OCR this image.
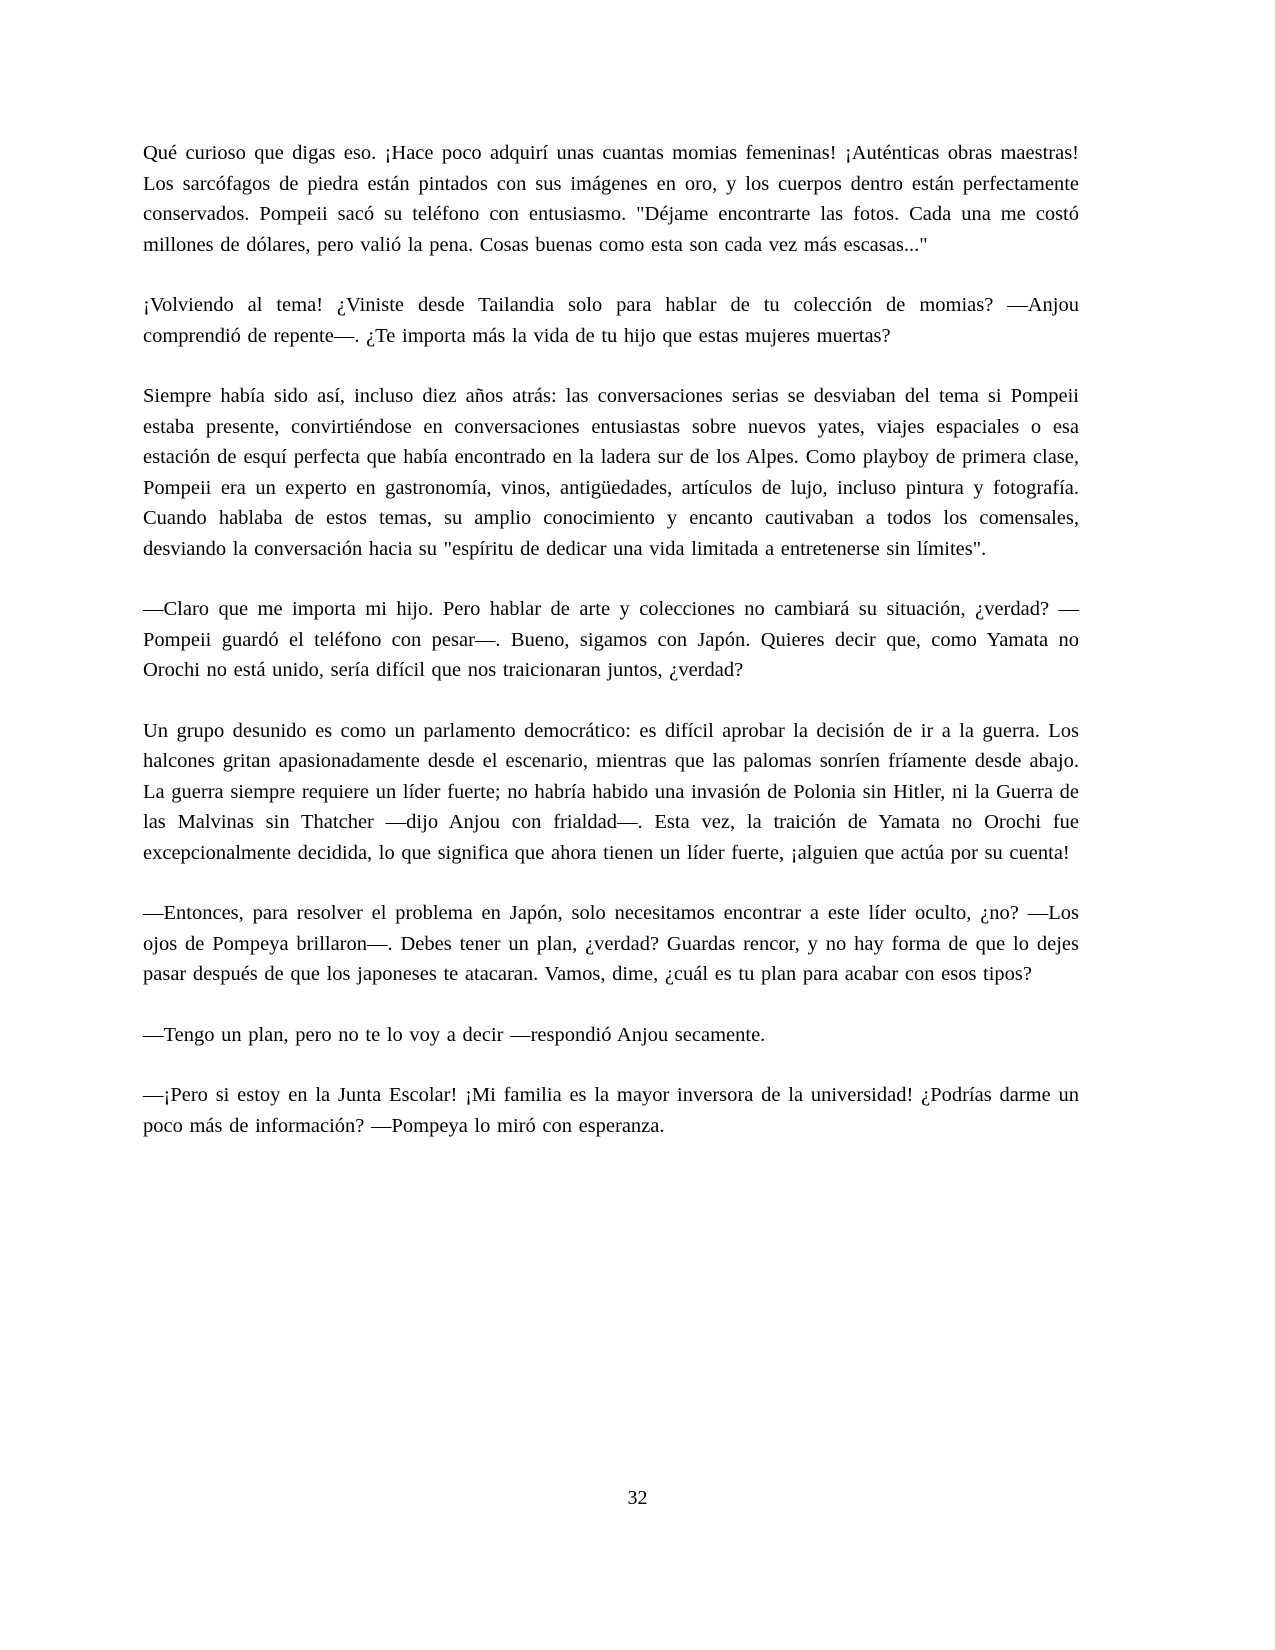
Qué curioso que digas eso. ¡Hace poco adquirí unas cuantas momias femeninas! ¡Auténticas obras maestras! Los sarcófagos de piedra están pintados con sus imágenes en oro, y los cuerpos dentro están perfectamente conservados. Pompeii sacó su teléfono con entusiasmo. "Déjame encontrarte las fotos. Cada una me costó millones de dólares, pero valió la pena. Cosas buenas como esta son cada vez más escasas..."

¡Volviendo al tema! ¿Viniste desde Tailandia solo para hablar de tu colección de momias? —Anjou comprendió de repente—. ¿Te importa más la vida de tu hijo que estas mujeres muertas?

Siempre había sido así, incluso diez años atrás: las conversaciones serias se desviaban del tema si Pompeii estaba presente, convirtiéndose en conversaciones entusiastas sobre nuevos yates, viajes espaciales o esa estación de esquí perfecta que había encontrado en la ladera sur de los Alpes. Como playboy de primera clase, Pompeii era un experto en gastronomía, vinos, antigüedades, artículos de lujo, incluso pintura y fotografía. Cuando hablaba de estos temas, su amplio conocimiento y encanto cautivaban a todos los comensales, desviando la conversación hacia su "espíritu de dedicar una vida limitada a entretenerse sin límites".

—Claro que me importa mi hijo. Pero hablar de arte y colecciones no cambiará su situación, ¿verdad? —Pompeii guardó el teléfono con pesar—. Bueno, sigamos con Japón. Quieres decir que, como Yamata no Orochi no está unido, sería difícil que nos traicionaran juntos, ¿verdad?

Un grupo desunido es como un parlamento democrático: es difícil aprobar la decisión de ir a la guerra. Los halcones gritan apasionadamente desde el escenario, mientras que las palomas sonríen fríamente desde abajo. La guerra siempre requiere un líder fuerte; no habría habido una invasión de Polonia sin Hitler, ni la Guerra de las Malvinas sin Thatcher —dijo Anjou con frialdad—. Esta vez, la traición de Yamata no Orochi fue excepcionalmente decidida, lo que significa que ahora tienen un líder fuerte, ¡alguien que actúa por su cuenta!

—Entonces, para resolver el problema en Japón, solo necesitamos encontrar a este líder oculto, ¿no? —Los ojos de Pompeya brillaron—. Debes tener un plan, ¿verdad? Guardas rencor, y no hay forma de que lo dejes pasar después de que los japoneses te atacaran. Vamos, dime, ¿cuál es tu plan para acabar con esos tipos?

—Tengo un plan, pero no te lo voy a decir —respondió Anjou secamente.

—¡Pero si estoy en la Junta Escolar! ¡Mi familia es la mayor inversora de la universidad! ¿Podrías darme un poco más de información? —Pompeya lo miró con esperanza.

32
